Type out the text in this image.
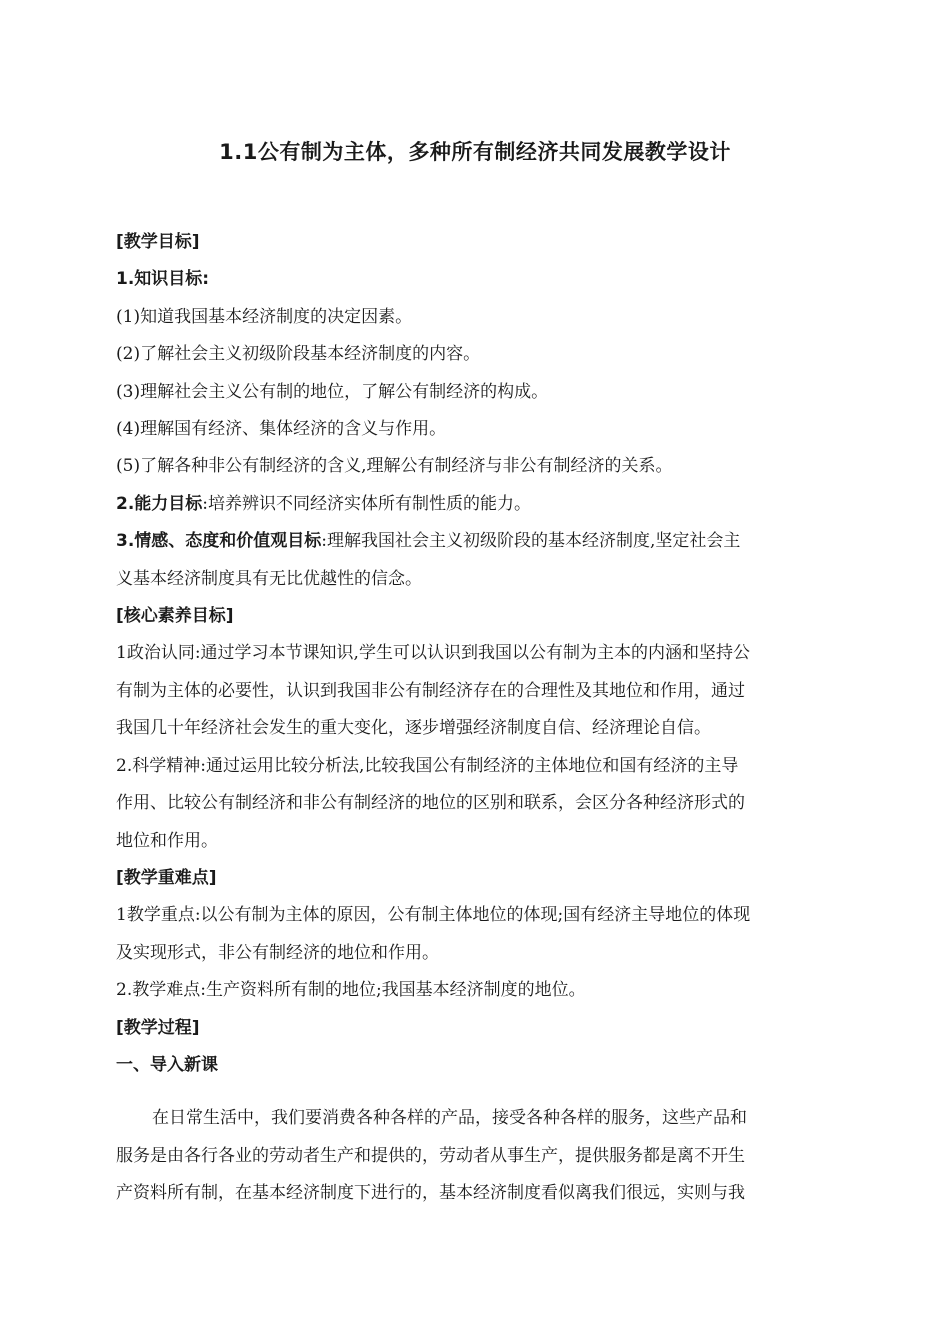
1.1公有制为主体，多种所有制经济共同发展教学设计
[教学目标]
1.知识目标:
(1)知道我国基本经济制度的决定因素。
(2)了解社会主义初级阶段基本经济制度的内容。
(3)理解社会主义公有制的地位，了解公有制经济的构成。
(4)理解国有经济、集体经济的含义与作用。
(5)了解各种非公有制经济的含义,理解公有制经济与非公有制经济的关系。
2.能力目标:培养辨识不同经济实体所有制性质的能力。
3.情感、态度和价值观目标:理解我国社会主义初级阶段的基本经济制度,坚定社会主
义基本经济制度具有无比优越性的信念。
[核心素养目标]
1政治认同:通过学习本节课知识,学生可以认识到我国以公有制为主本的内涵和坚持公
有制为主体的必要性，认识到我国非公有制经济存在的合理性及其地位和作用，通过
我国几十年经济社会发生的重大变化，逐步增强经济制度自信、经济理论自信。
2.科学精神:通过运用比较分析法,比较我国公有制经济的主体地位和国有经济的主导
作用、比较公有制经济和非公有制经济的地位的区别和联系，会区分各种经济形式的
地位和作用。
[教学重难点]
1教学重点:以公有制为主体的原因，公有制主体地位的体现;国有经济主导地位的体现
及实现形式，非公有制经济的地位和作用。
2.教学难点:生产资料所有制的地位;我国基本经济制度的地位。
[教学过程]
一、导入新课
在日常生活中，我们要消费各种各样的产品，接受各种各样的服务，这些产品和
服务是由各行各业的劳动者生产和提供的，劳动者从事生产，提供服务都是离不开生
产资料所有制，在基本经济制度下进行的，基本经济制度看似离我们很远，实则与我
